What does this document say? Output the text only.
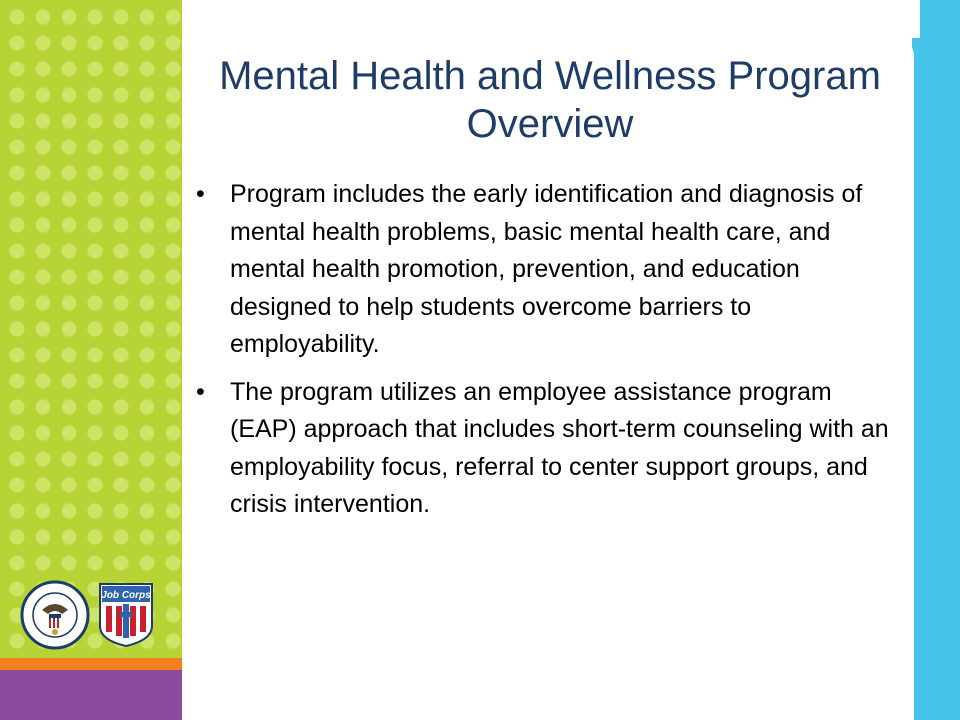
Mental Health and Wellness Program Overview
• Program includes the early identification and diagnosis of mental health problems, basic mental health care, and mental health promotion, prevention, and education designed to help students overcome barriers to employability.
• The program utilizes an employee assistance program (EAP) approach that includes short-term counseling with an employability focus, referral to center support groups, and crisis intervention.
Job Corps
